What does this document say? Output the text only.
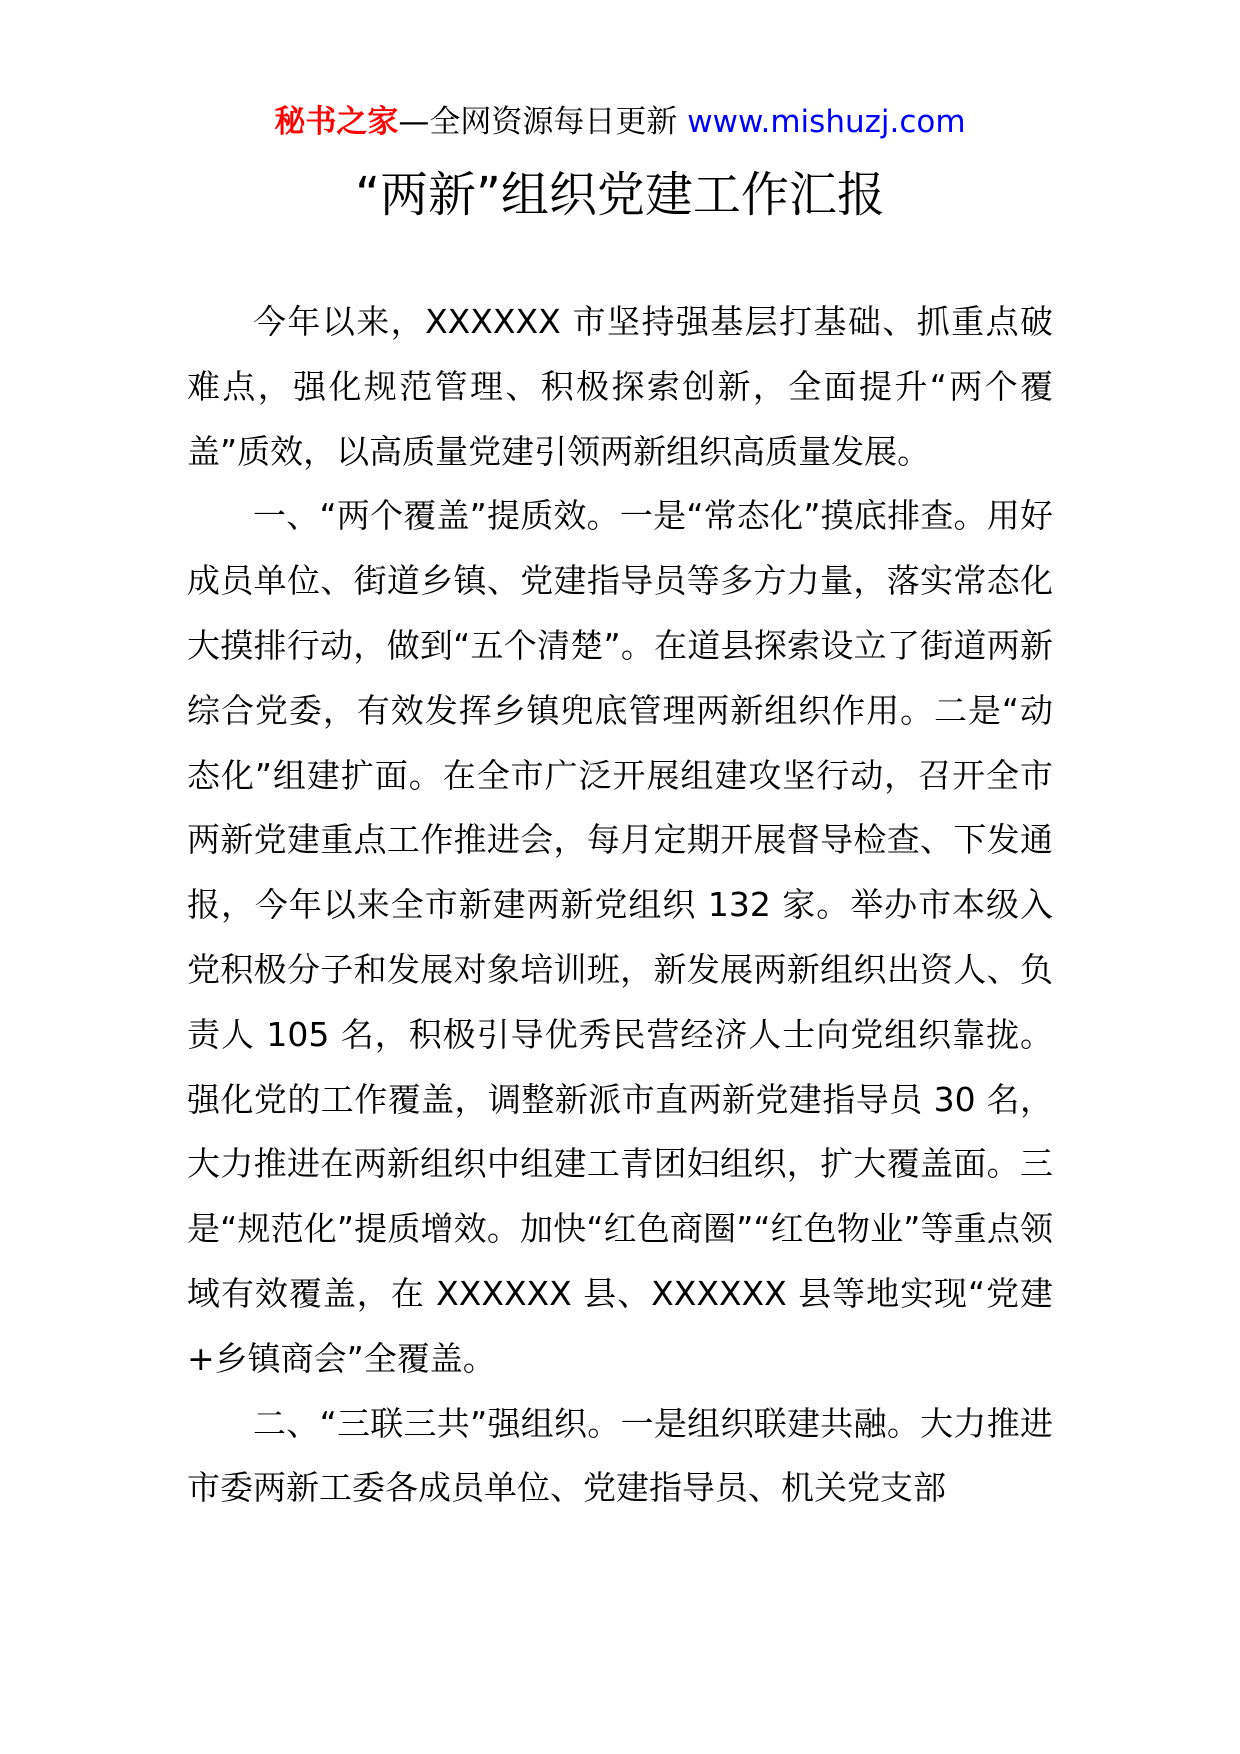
秘书之家—全网资源每日更新 www.mishuzj.com
“两新”组织党建工作汇报

今年以来，XXXXXX 市坚持强基层打基础、抓重点破难点，强化规范管理、积极探索创新，全面提升“两个覆盖”质效，以高质量党建引领两新组织高质量发展。

一、“两个覆盖”提质效。一是“常态化”摸底排查。用好成员单位、街道乡镇、党建指导员等多方力量，落实常态化大摸排行动，做到“五个清楚”。在道县探索设立了街道两新综合党委，有效发挥乡镇兜底管理两新组织作用。二是“动态化”组建扩面。在全市广泛开展组建攻坚行动，召开全市两新党建重点工作推进会，每月定期开展督导检查、下发通报，今年以来全市新建两新党组织 132 家。举办市本级入党积极分子和发展对象培训班，新发展两新组织出资人、负责人 105 名，积极引导优秀民营经济人士向党组织靠拢。强化党的工作覆盖，调整新派市直两新党建指导员 30 名，大力推进在两新组织中组建工青团妇组织，扩大覆盖面。三是“规范化”提质增效。加快“红色商圈”“红色物业”等重点领域有效覆盖，在 XXXXXX 县、XXXXXX 县等地实现“党建+乡镇商会”全覆盖。

二、“三联三共”强组织。一是组织联建共融。大力推进市委两新工委各成员单位、党建指导员、机关党支部
